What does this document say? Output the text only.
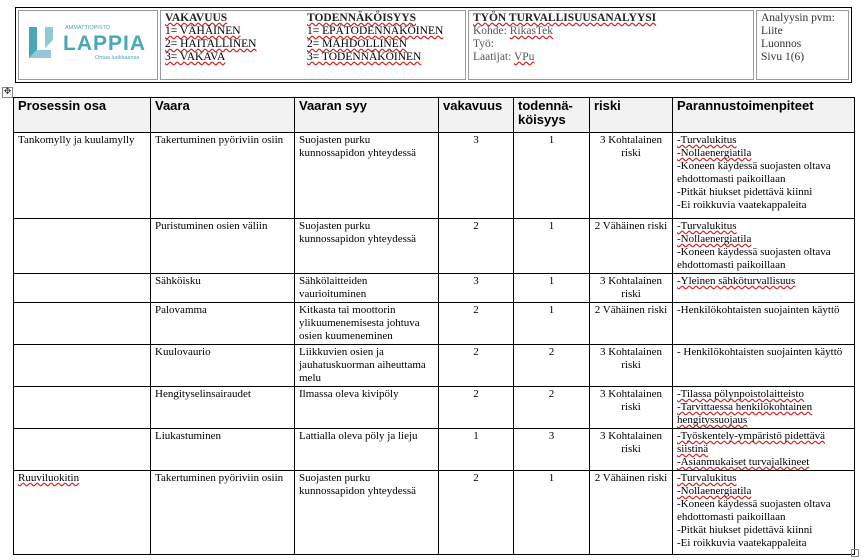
AMMATTIOPISTO
LAPPIA
Omaa luokkaansa
VAKAVUUS	TODENNÄKÖISYYS
1= VÄHÄINEN	1= EPÄTODENNÄKÖINEN
2= HAITALLINEN	2= MAHDOLLINEN
3= VAKAVA	3= TODENNÄKÖINEN
TYÖN TURVALLISUUSANALYYSI
Kohde: RikasTek
Työ:
Laatijat: VPu
Analyysin pvm:
Liite
Luonnos
Sivu 1(6)
✥
Prosessin osa	Vaara	Vaaran syy	vakavuus	todennä-köisyys	riski	Parannustoimenpiteet
Tankomylly ja kuulamylly	Takertuminen pyöriviin osiin	Suojasten purku kunnossapidon yhteydessä	3	1	3 Kohtalainen riski	-Turvalukitus
-Nollaenergiatila
-Koneen käydessä suojasten oltava ehdottomasti paikoillaan
-Pitkät hiukset pidettävä kiinni
-Ei roikkuvia vaatekappaleita

	Puristuminen osien väliin	Suojasten purku kunnossapidon yhteydessä	2	1	2 Vähäinen riski	-Turvalukitus
-Nollaenergiatila
-Koneen käydessä suojasten oltava ehdottomasti paikoillaan

	Sähköisku	Sähkölaitteiden vaurioituminen	3	1	3 Kohtalainen riski	-Yleinen sähköturvallisuus

	Palovamma	Kitkasta tai moottorin ylikuumenemisesta johtuva osien kuumeneminen	2	1	2 Vähäinen riski	-Henkilökohtaisten suojainten käyttö

	Kuulovaurio	Liikkuvien osien ja jauhatuskuorman aiheuttama melu	2	2	3 Kohtalainen riski	- Henkilökohtaisten suojainten käyttö

	Hengityselinsairaudet	Ilmassa oleva kivipöly	2	2	3 Kohtalainen riski	-Tilassa pölynpoistolaitteisto
-Tarvittaessa henkilökohtainen hengityssuojaus

	Liukastuminen	Lattialla oleva pöly ja lieju	1	3	3 Kohtalainen riski	-Työskentely-ympäristö pidettävä siistinä
-Asianmukaiset turvajalkineet

Ruuviluokitin	Takertuminen pyöriviin osiin	Suojasten purku kunnossapidon yhteydessä	2	1	2 Vähäinen riski	-Turvalukitus
-Nollaenergiatila
-Koneen käydessä suojasten oltava ehdottomasti paikoillaan
-Pitkät hiukset pidettävä kiinni
-Ei roikkuvia vaatekappaleita
